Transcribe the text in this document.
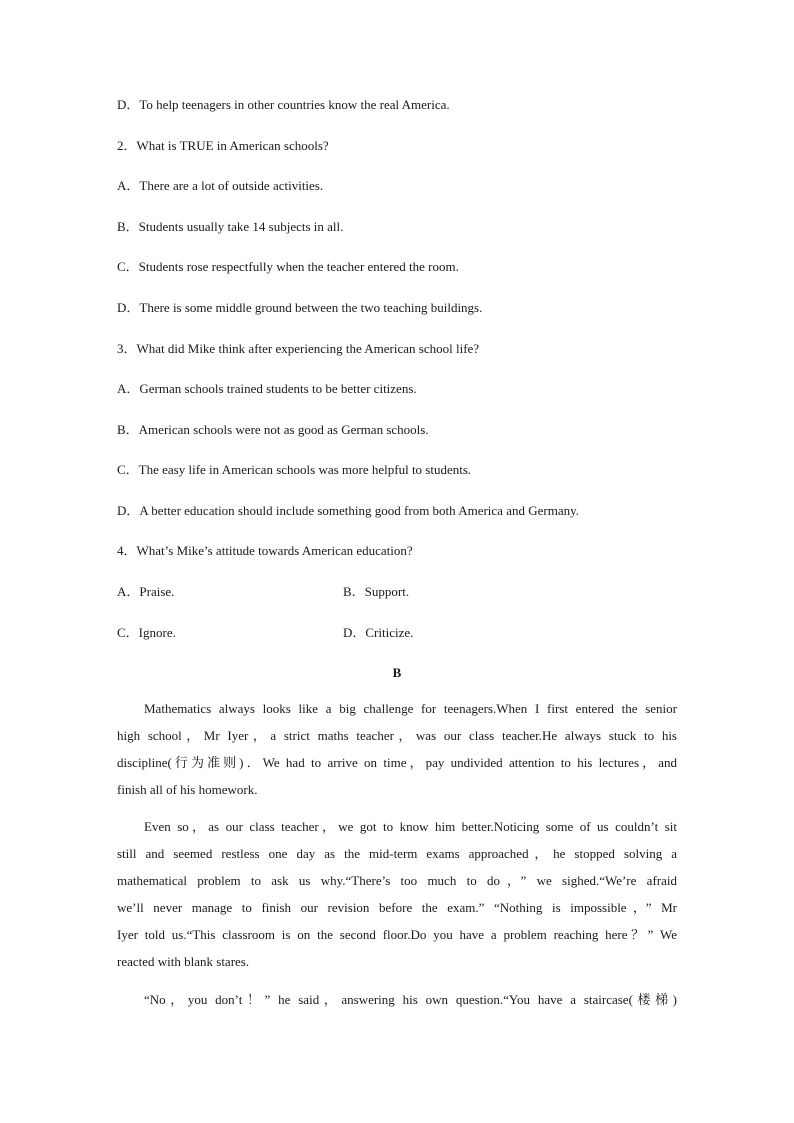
D．To help teenagers in other countries know the real America.
2．What is TRUE in American schools?
A．There are a lot of outside activities.
B．Students usually take 14 subjects in all.
C．Students rose respectfully when the teacher entered the room.
D．There is some middle ground between the two teaching buildings.
3．What did Mike think after experiencing the American school life?
A．German schools trained students to be better citizens.
B．American schools were not as good as German schools.
C．The easy life in American schools was more helpful to students.
D．A better education should include something good from both America and Germany.
4．What’s Mike’s attitude towards American education?
A．Praise.	B．Support.
C．Ignore.	D．Criticize.
B
Mathematics always looks like a big challenge for teenagers.When I first entered the senior
high school，Mr Iyer，a strict maths teacher，was our class teacher.He always stuck to his
discipline(行为准则)．We had to arrive on time，pay undivided attention to his lectures，and
finish all of his homework.
Even so，as our class teacher，we got to know him better.Noticing some of us couldn’t sit
still and seemed restless one day as the mid-term exams approached，he stopped solving a
mathematical problem to ask us why.“There’s too much to do，” we sighed.“We’re afraid
we’ll never manage to finish our revision before the exam.” “Nothing is impossible，” Mr
Iyer told us.“This classroom is on the second floor.Do you have a problem reaching here？” We
reacted with blank stares.
“No，you don’t！” he said，answering his own question.“You have a staircase(楼梯)
